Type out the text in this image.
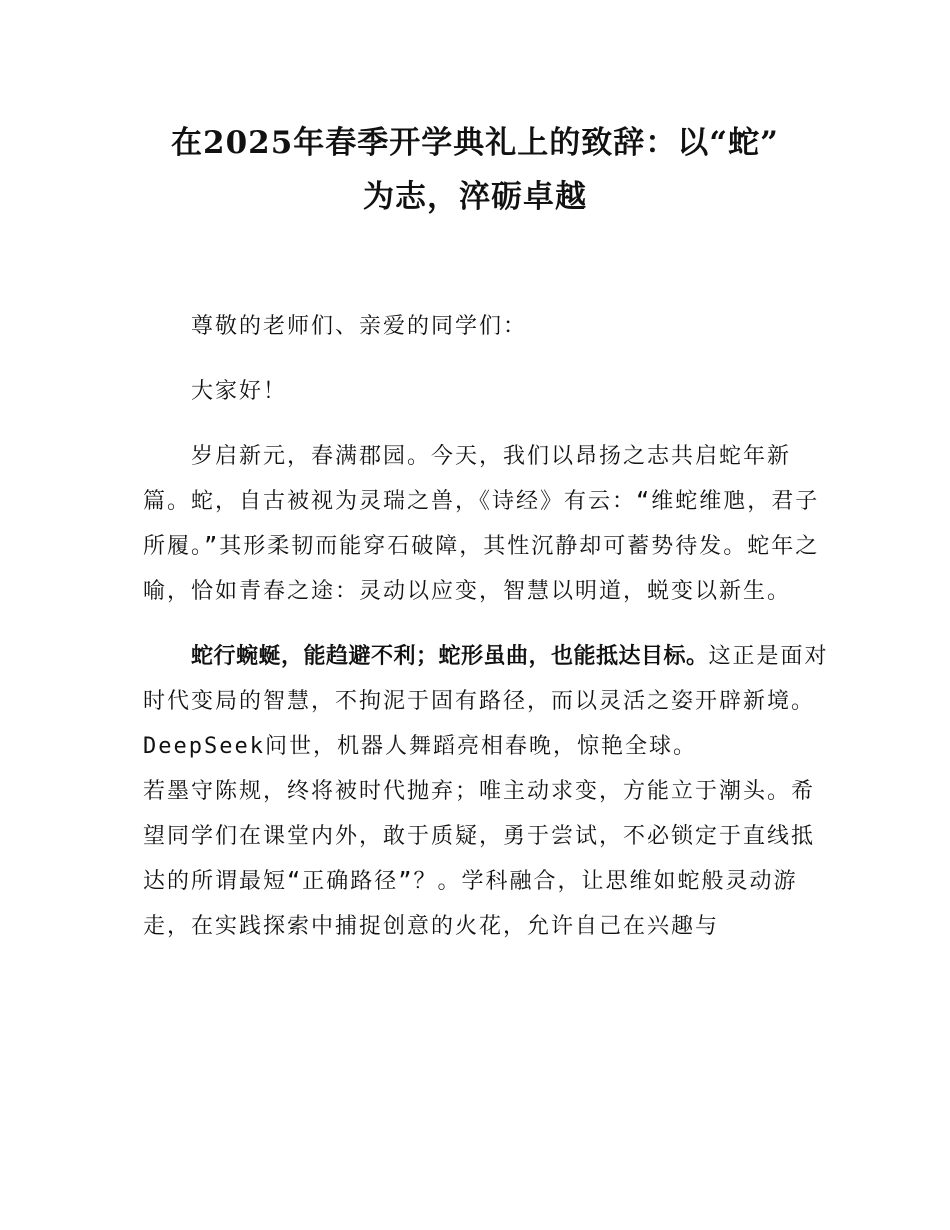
在2025年春季开学典礼上的致辞：以“蛇”
为志，淬砺卓越

尊敬的老师们、亲爱的同学们：

大家好！

岁启新元，春满郡园。今天，我们以昂扬之志共启蛇年新篇。蛇，自古被视为灵瑞之兽，《诗经》有云：“维蛇维虺，君子所履。”其形柔韧而能穿石破障，其性沉静却可蓄势待发。蛇年之喻，恰如青春之途：灵动以应变，智慧以明道，蜕变以新生。

蛇行蜿蜒，能趋避不利；蛇形虽曲，也能抵达目标。这正是面对时代变局的智慧，不拘泥于固有路径，而以灵活之姿开辟新境。DeepSeek问世，机器人舞蹈亮相春晚，惊艳全球。

若墨守陈规，终将被时代抛弃；唯主动求变，方能立于潮头。希望同学们在课堂内外，敢于质疑，勇于尝试，不必锁定于直线抵达的所谓最短“正确路径”？。学科融合，让思维如蛇般灵动游走，在实践探索中捕捉创意的火花，允许自己在兴趣与
